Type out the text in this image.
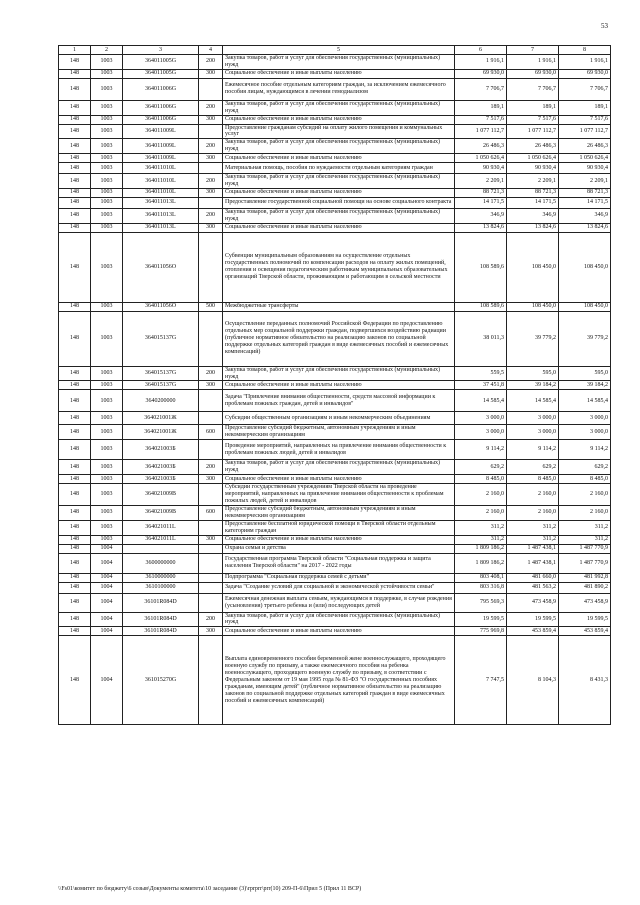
53
1	2	3	4	5	6	7	8
148	1003	364011005G	200	Закупка товаров, работ и услуг для обеспечения государственных (муниципальных) нужд	1 916,1	1 916,1	1 916,1
148	1003	364011005G	300	Социальное обеспечение и иные выплаты населению	69 930,0	69 930,0	69 930,0
148	1003	364011006G		Ежемесячное пособие отдельным категориям граждан, за исключением ежемесячного пособия лицам, нуждающимся в лечении гемодиализом	7 706,7	7 706,7	7 706,7
148	1003	364011006G	200	Закупка товаров, работ и услуг для обеспечения государственных (муниципальных) нужд	189,1	189,1	189,1
148	1003	364011006G	300	Социальное обеспечение и иные выплаты населению	7 517,6	7 517,6	7 517,6
148	1003	364011009L		Предоставление гражданам субсидий на оплату жилого помещения и коммунальных услуг	1 077 112,7	1 077 112,7	1 077 112,7
148	1003	364011009L	200	Закупка товаров, работ и услуг для обеспечения государственных (муниципальных) нужд	26 486,3	26 486,3	26 486,3
148	1003	364011009L	300	Социальное обеспечение и иные выплаты населению	1 050 626,4	1 050 626,4	1 050 626,4
148	1003	364011010L		Материальная помощь, пособия по нуждаемости отдельным категориям граждан	90 930,4	90 930,4	90 930,4
148	1003	364011010L	200	Закупка товаров, работ и услуг для обеспечения государственных (муниципальных) нужд	2 209,1	2 209,1	2 209,1
148	1003	364011010L	300	Социальное обеспечение и иные выплаты населению	88 721,3	88 721,3	88 721,3
148	1003	364011013L		Предоставление государственной социальной помощи на основе социального контракта	14 171,5	14 171,5	14 171,5
148	1003	364011013L	200	Закупка товаров, работ и услуг для обеспечения государственных (муниципальных) нужд	346,9	346,9	346,9
148	1003	364011013L	300	Социальное обеспечение и иные выплаты населению	13 824,6	13 824,6	13 824,6
148	1003	364011056O		Субвенции муниципальным образованиям на осуществление отдельных государственных полномочий по компенсации расходов на оплату жилых помещений, отопления и освещения педагогическим работникам муниципальных образовательных организаций Тверской области, проживающим и работающим в сельской местности	108 589,6	108 450,0	108 450,0
148	1003	364011056O	500	Межбюджетные трансферты	108 589,6	108 450,0	108 450,0
148	1003	364015137G		Осуществление переданных полномочий Российской Федерации по предоставлению отдельных мер социальной поддержки граждан, подвергшихся воздействию радиации (публичное нормативное обязательство на реализацию законов по социальной поддержке отдельных категорий граждан в виде ежемесячных пособий и ежемесячных компенсаций)	38 011,3	39 779,2	39 779,2
148	1003	364015137G	200	Закупка товаров, работ и услуг для обеспечения государственных (муниципальных) нужд	559,5	595,0	595,0
148	1003	364015137G	300	Социальное обеспечение и иные выплаты населению	37 451,8	39 184,2	39 184,2
148	1003	3640200000		Задача "Привлечение внимания общественности, средств массовой информации к проблемам пожилых граждан, детей и инвалидов"	14 585,4	14 585,4	14 585,4
148	1003	364021001Ж		Субсидии общественным организациям и иным некоммерческим объединениям	3 000,0	3 000,0	3 000,0
148	1003	364021001Ж	600	Предоставление субсидий бюджетным, автономным учреждениям и иным некоммерческим организациям	3 000,0	3 000,0	3 000,0
148	1003	364021003Б		Проведение мероприятий, направленных на привлечение внимания общественности к проблемам пожилых людей, детей и инвалидов	9 114,2	9 114,2	9 114,2
148	1003	364021003Б	200	Закупка товаров, работ и услуг для обеспечения государственных (муниципальных) нужд	629,2	629,2	629,2
148	1003	364021003Б	300	Социальное обеспечение и иные выплаты населению	8 485,0	8 485,0	8 485,0
148	1003	364021009В		Субсидии государственным учреждениям Тверской области на проведение мероприятий, направленных на привлечение внимания общественности к проблемам пожилых людей, детей и инвалидов	2 160,0	2 160,0	2 160,0
148	1003	364021009В	600	Предоставление субсидий бюджетным, автономным учреждениям и иным некоммерческим организациям	2 160,0	2 160,0	2 160,0
148	1003	364021011L		Предоставление бесплатной юридической помощи в Тверской области отдельным категориям граждан	311,2	311,2	311,2
148	1003	364021011L	300	Социальное обеспечение и иные выплаты населению	311,2	311,2	311,2
148	1004			Охрана семьи и детства	1 809 186,2	1 487 438,1	1 487 770,9
148	1004	3600000000		Государственная программа Тверской области "Социальная поддержка и защита населения Тверской области" на 2017 - 2022 годы	1 809 186,2	1 487 438,1	1 487 770,9
148	1004	3610000000		Подпрограмма "Социальная поддержка семей с детьми"	803 408,1	481 660,0	481 992,8
148	1004	3610100000		Задача "Создание условий для социальной и экономической устойчивости семьи"	803 316,8	481 563,2	481 890,2
148	1004	36101R084D		Ежемесячная денежная выплата семьям, нуждающимся в поддержке, в случае рождения (усыновления) третьего ребенка и (или) последующих детей	795 569,3	473 458,9	473 458,9
148	1004	36101R084D	200	Закупка товаров, работ и услуг для обеспечения государственных (муниципальных) нужд	19 599,5	19 599,5	19 599,5
148	1004	36101R084D	300	Социальное обеспечение и иные выплаты населению	775 969,8	453 859,4	453 859,4
148	1004	361015270G		Выплата единовременного пособия беременной жене военнослужащего, проходящего военную службу по призыву, а также ежемесячного пособия на ребенка военнослужащего, проходящего военную службу по призыву, в соответствии с Федеральным законом от 19 мая 1995 года № 81-ФЗ "О государственных пособиях гражданам, имеющим детей" (публичное нормативное обязательство на реализацию законов по социальной поддержке отдельных категорий граждан в виде ежемесячных пособий и ежемесячных компенсаций)	7 747,5	8 104,3	8 431,3
\\Fs01\комитет по бюджету\6 созыв\Документы комитета\10 заседание (3)\rprprr\prr(10) 209-П-6\Прил 5 (Прил 11 ВСР)
